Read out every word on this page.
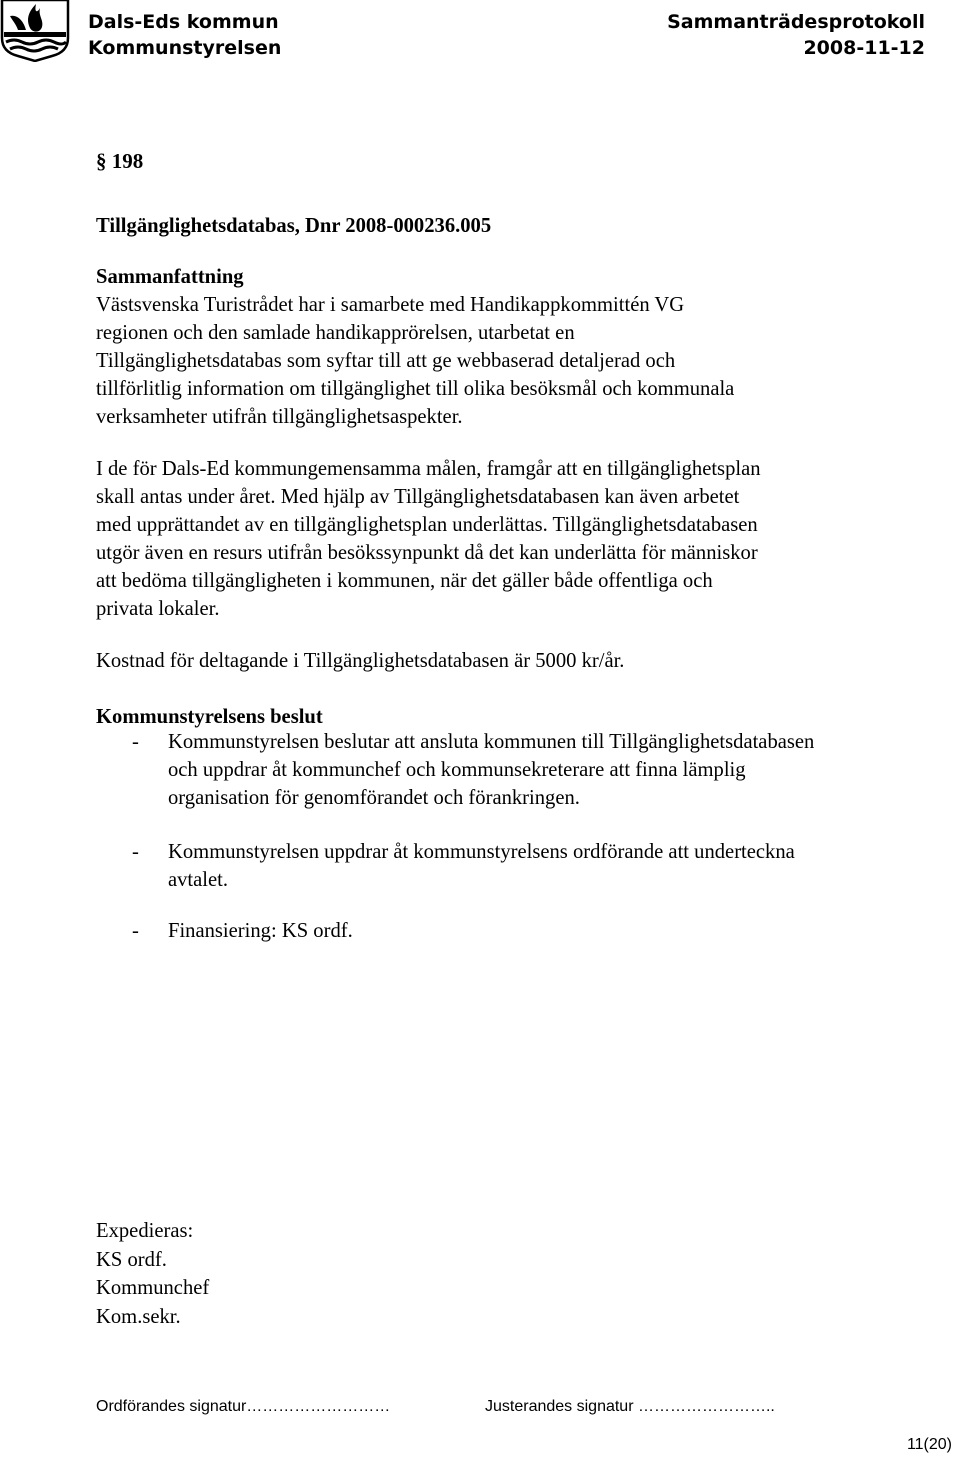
Dals-Eds kommun
Kommunstyrelsen
Sammanträdesprotokoll
2008-11-12
§ 198
Tillgänglighetsdatabas, Dnr 2008-000236.005
Sammanfattning
Västsvenska Turistrådet har i samarbete med Handikappkommittén VG
regionen och den samlade handikapprörelsen, utarbetat en
Tillgänglighetsdatabas som syftar till att ge webbaserad detaljerad och
tillförlitlig information om tillgänglighet till olika besöksmål och kommunala
verksamheter utifrån tillgänglighetsaspekter.
I de för Dals-Ed kommungemensamma målen, framgår att en tillgänglighetsplan
skall antas under året. Med hjälp av Tillgänglighetsdatabasen kan även arbetet
med upprättandet av en tillgänglighetsplan underlättas. Tillgänglighetsdatabasen
utgör även en resurs utifrån besökssynpunkt då det kan underlätta för människor
att bedöma tillgängligheten i kommunen, när det gäller både offentliga och
privata lokaler.
Kostnad för deltagande i Tillgänglighetsdatabasen är 5000 kr/år.
Kommunstyrelsens beslut
- Kommunstyrelsen beslutar att ansluta kommunen till Tillgänglighetsdatabasen
och uppdrar åt kommunchef och kommunsekreterare att finna lämplig
organisation för genomförandet och förankringen.
- Kommunstyrelsen uppdrar åt kommunstyrelsens ordförande att underteckna
avtalet.
- Finansiering: KS ordf.
Expedieras:
KS ordf.
Kommunchef
Kom.sekr.
Ordförandes signatur………………………	Justerandes signatur ……………………..
11(20)
